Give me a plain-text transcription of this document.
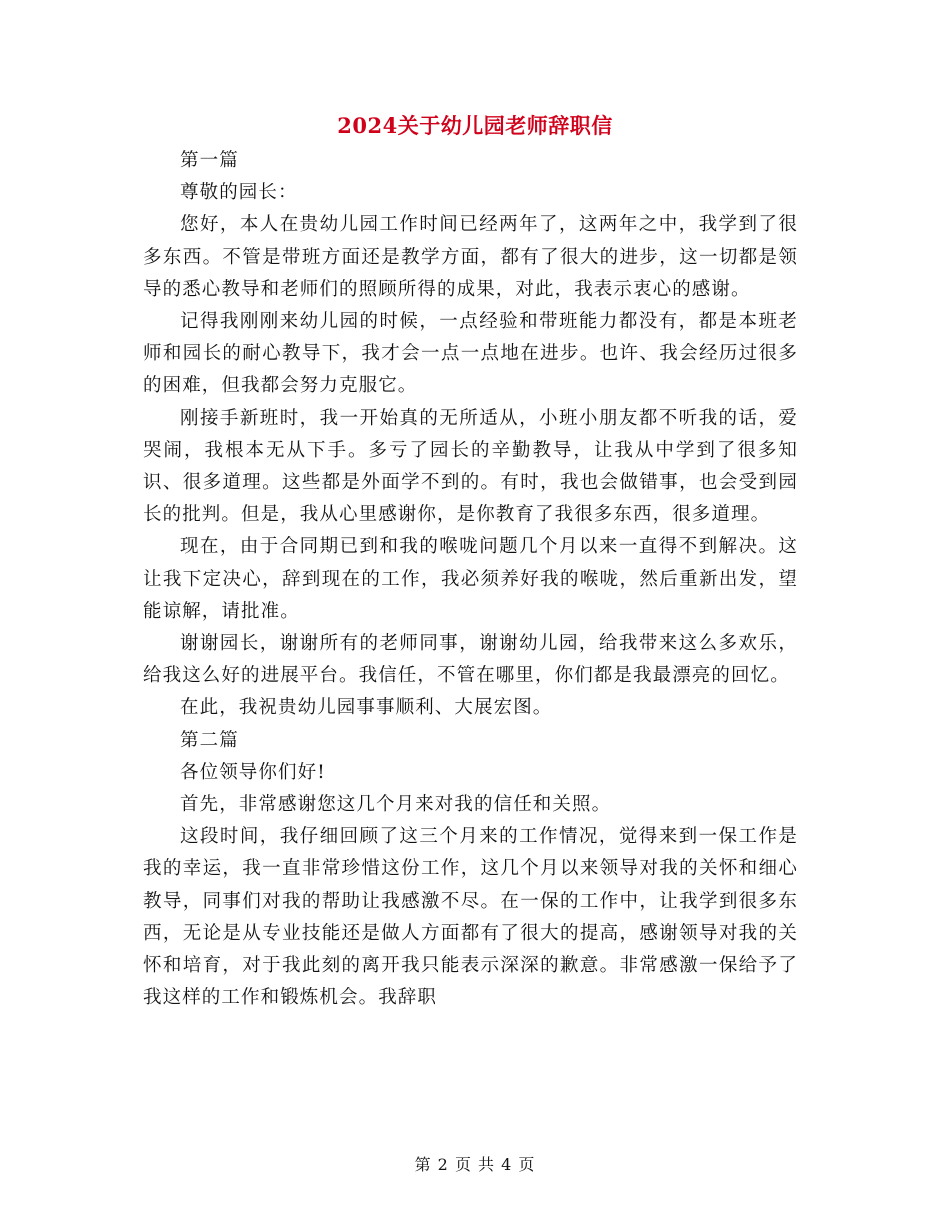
2024关于幼儿园老师辞职信

第一篇

尊敬的园长：

您好，本人在贵幼儿园工作时间已经两年了，这两年之中，我学到了很多东西。不管是带班方面还是教学方面，都有了很大的进步，这一切都是领导的悉心教导和老师们的照顾所得的成果，对此，我表示衷心的感谢。

记得我刚刚来幼儿园的时候，一点经验和带班能力都没有，都是本班老师和园长的耐心教导下，我才会一点一点地在进步。也许、我会经历过很多的困难，但我都会努力克服它。

刚接手新班时，我一开始真的无所适从，小班小朋友都不听我的话，爱哭闹，我根本无从下手。多亏了园长的辛勤教导，让我从中学到了很多知识、很多道理。这些都是外面学不到的。有时，我也会做错事，也会受到园长的批判。但是，我从心里感谢你，是你教育了我很多东西，很多道理。

现在，由于合同期已到和我的喉咙问题几个月以来一直得不到解决。这让我下定决心，辞到现在的工作，我必须养好我的喉咙，然后重新出发，望能谅解，请批准。

谢谢园长，谢谢所有的老师同事，谢谢幼儿园，给我带来这么多欢乐，给我这么好的进展平台。我信任，不管在哪里，你们都是我最漂亮的回忆。

在此，我祝贵幼儿园事事顺利、大展宏图。

第二篇

各位领导你们好!

首先，非常感谢您这几个月来对我的信任和关照。

这段时间，我仔细回顾了这三个月来的工作情况，觉得来到一保工作是我的幸运，我一直非常珍惜这份工作，这几个月以来领导对我的关怀和细心教导，同事们对我的帮助让我感激不尽。在一保的工作中，让我学到很多东西，无论是从专业技能还是做人方面都有了很大的提高，感谢领导对我的关怀和培育，对于我此刻的离开我只能表示深深的歉意。非常感激一保给予了我这样的工作和锻炼机会。我辞职

第 2 页 共 4 页
